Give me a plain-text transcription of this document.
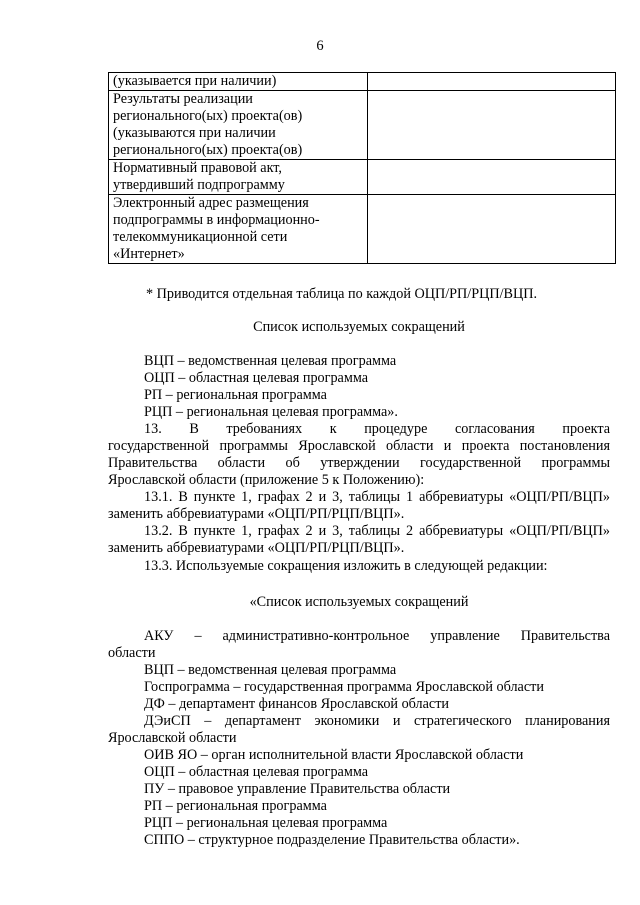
6
(указывается при наличии)	

Результаты реализации
регионального(ых) проекта(ов)
(указываются при наличии
регионального(ых) проекта(ов)	

Нормативный правовой акт,
утвердивший подпрограмму	

Электронный адрес размещения
подпрограммы в информационно-
телекоммуникационной сети
«Интернет»	

* Приводится отдельная таблица по каждой ОЦП/РП/РЦП/ВЦП.
Список используемых сокращений
ВЦП – ведомственная целевая программа
ОЦП – областная целевая программа
РП – региональная программа
РЦП – региональная целевая программа».
13. В требованиях к процедуре согласования проекта
государственной программы Ярославской области и проекта постановления
Правительства области об утверждении государственной программы
Ярославской области (приложение 5 к Положению):
13.1. В пункте 1, графах 2 и 3, таблицы 1 аббревиатуры «ОЦП/РП/ВЦП»
заменить аббревиатурами «ОЦП/РП/РЦП/ВЦП».
13.2. В пункте 1, графах 2 и 3, таблицы 2 аббревиатуры «ОЦП/РП/ВЦП»
заменить аббревиатурами «ОЦП/РП/РЦП/ВЦП».
13.3. Используемые сокращения изложить в следующей редакции:
«Список используемых сокращений
АКУ – административно-контрольное управление Правительства
области
ВЦП – ведомственная целевая программа
Госпрограмма – государственная программа Ярославской области
ДФ – департамент финансов Ярославской области
ДЭиСП – департамент экономики и стратегического планирования
Ярославской области
ОИВ ЯО – орган исполнительной власти Ярославской области
ОЦП – областная целевая программа
ПУ – правовое управление Правительства области
РП – региональная программа
РЦП – региональная целевая программа
СППО – структурное подразделение Правительства области».
